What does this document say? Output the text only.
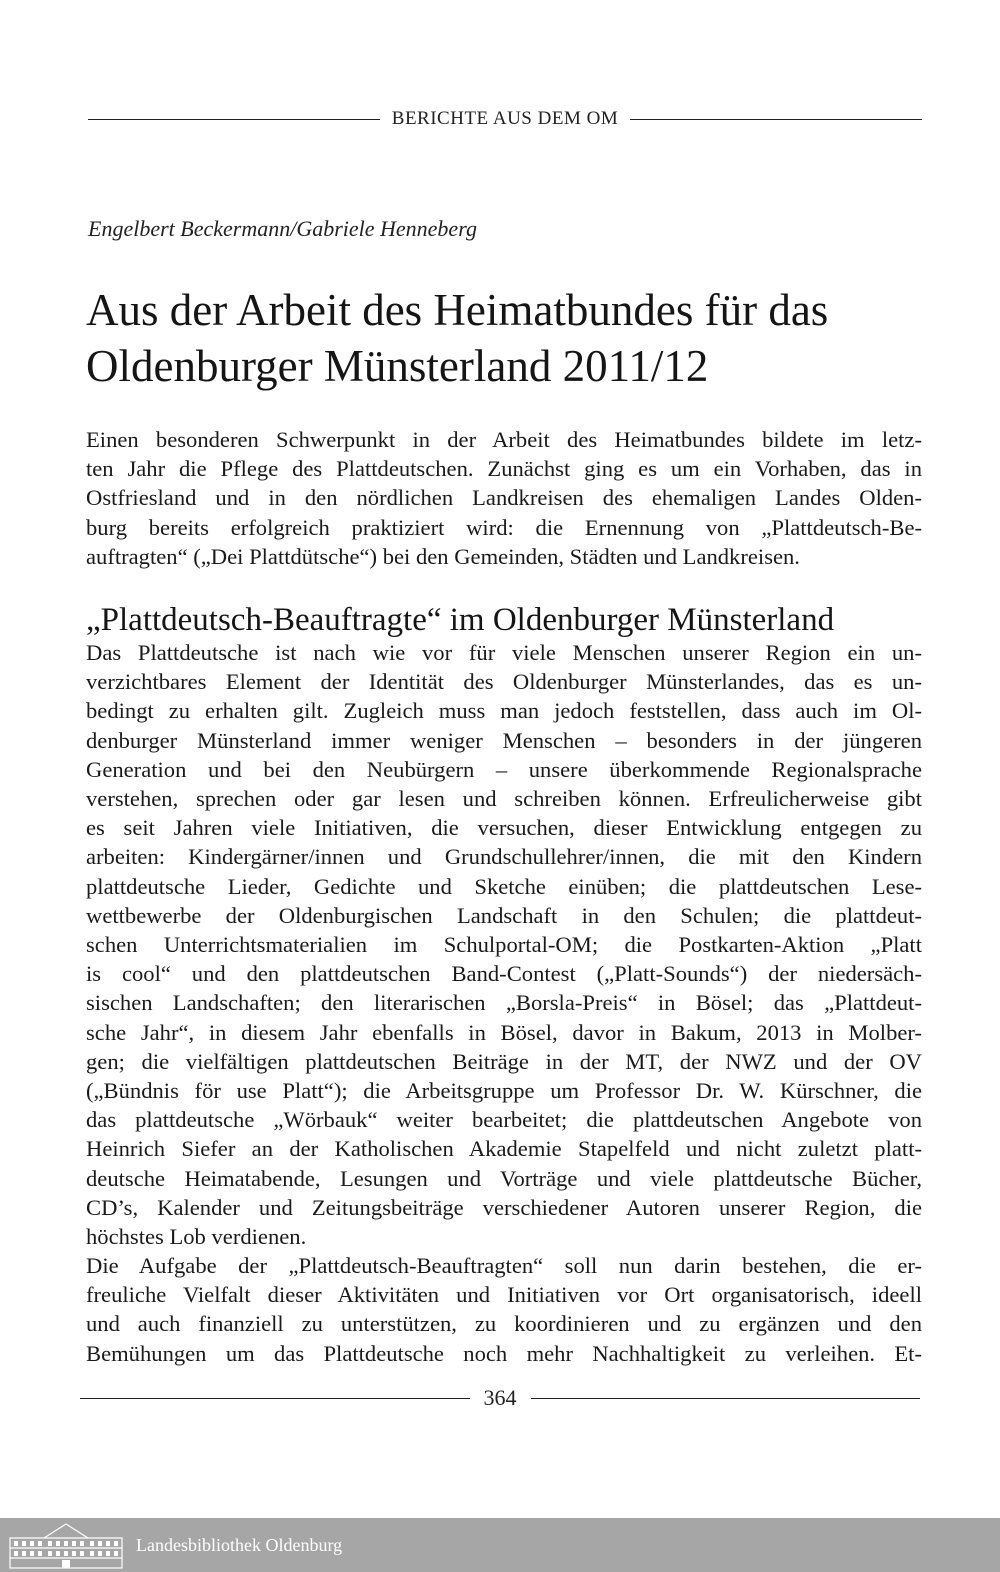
BERICHTE AUS DEM OM
Engelbert Beckermann/Gabriele Henneberg
Aus der Arbeit des Heimatbundes für das
Oldenburger Münsterland 2011/12

Einen besonderen Schwerpunkt in der Arbeit des Heimatbundes bildete im letz-
ten Jahr die Pflege des Plattdeutschen. Zunächst ging es um ein Vorhaben, das in
Ostfriesland und in den nördlichen Landkreisen des ehemaligen Landes Olden-
burg bereits erfolgreich praktiziert wird: die Ernennung von „Plattdeutsch-Be-
auftragten“ („Dei Plattdütsche“) bei den Gemeinden, Städten und Landkreisen.

„Plattdeutsch-Beauftragte“ im Oldenburger Münsterland

Das Plattdeutsche ist nach wie vor für viele Menschen unserer Region ein un-
verzichtbares Element der Identität des Oldenburger Münsterlandes, das es un-
bedingt zu erhalten gilt. Zugleich muss man jedoch feststellen, dass auch im Ol-
denburger Münsterland immer weniger Menschen – besonders in der jüngeren
Generation und bei den Neubürgern – unsere überkommende Regionalsprache
verstehen, sprechen oder gar lesen und schreiben können. Erfreulicherweise gibt
es seit Jahren viele Initiativen, die versuchen, dieser Entwicklung entgegen zu
arbeiten: Kindergärner/innen und Grundschullehrer/innen, die mit den Kindern
plattdeutsche Lieder, Gedichte und Sketche einüben; die plattdeutschen Lese-
wettbewerbe der Oldenburgischen Landschaft in den Schulen; die plattdeut-
schen Unterrichtsmaterialien im Schulportal-OM; die Postkarten-Aktion „Platt
is cool“ und den plattdeutschen Band-Contest („Platt-Sounds“) der niedersäch-
sischen Landschaften; den literarischen „Borsla-Preis“ in Bösel; das „Plattdeut-
sche Jahr“, in diesem Jahr ebenfalls in Bösel, davor in Bakum, 2013 in Molber-
gen; die vielfältigen plattdeutschen Beiträge in der MT, der NWZ und der OV
(„Bündnis för use Platt“); die Arbeitsgruppe um Professor Dr. W. Kürschner, die
das plattdeutsche „Wörbauk“ weiter bearbeitet; die plattdeutschen Angebote von
Heinrich Siefer an der Katholischen Akademie Stapelfeld und nicht zuletzt platt-
deutsche Heimatabende, Lesungen und Vorträge und viele plattdeutsche Bücher,
CD’s, Kalender und Zeitungsbeiträge verschiedener Autoren unserer Region, die
höchstes Lob verdienen.

Die Aufgabe der „Plattdeutsch-Beauftragten“ soll nun darin bestehen, die er-
freuliche Vielfalt dieser Aktivitäten und Initiativen vor Ort organisatorisch, ideell
und auch finanziell zu unterstützen, zu koordinieren und zu ergänzen und den
Bemühungen um das Plattdeutsche noch mehr Nachhaltigkeit zu verleihen. Et-

364
Landesbibliothek Oldenburg
